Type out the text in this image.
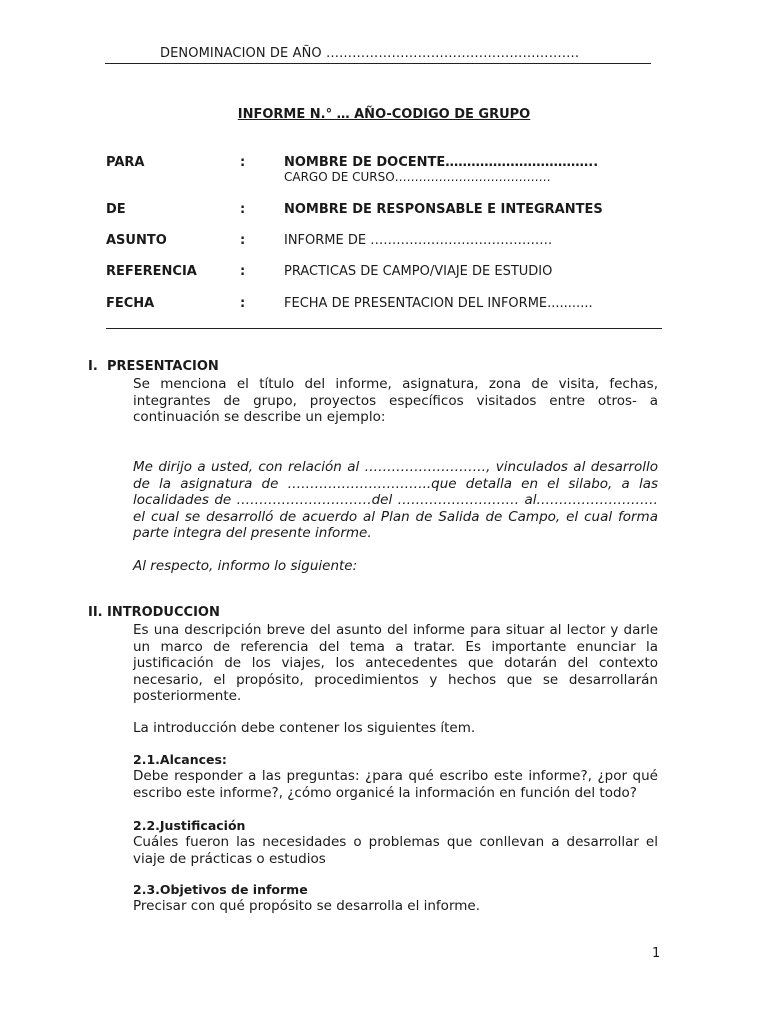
DENOMINACION DE AÑO ………………………………………………….
INFORME N.° … AÑO-CODIGO DE GRUPO
PARA	:	NOMBRE DE DOCENTE……………………………..
CARGO DE CURSO…………………………………
DE	:	NOMBRE DE RESPONSABLE E INTEGRANTES
ASUNTO	:	INFORME DE ……………………………………
REFERENCIA	:	PRACTICAS DE CAMPO/VIAJE DE ESTUDIO
FECHA	:	FECHA DE PRESENTACION DEL INFORME...........
I. PRESENTACION
Se menciona el título del informe, asignatura, zona de visita, fechas, integrantes de grupo, proyectos específicos visitados entre otros- a continuación se describe un ejemplo:
Me dirijo a usted, con relación al ………………………, vinculados al desarrollo de la asignatura de …………………………..que detalla en el silabo, a las localidades de …………………………del ……………………… al………………………el cual se desarrolló de acuerdo al Plan de Salida de Campo, el cual forma parte integra del presente informe.
Al respecto, informo lo siguiente:
II. INTRODUCCION
Es una descripción breve del asunto del informe para situar al lector y darle un marco de referencia del tema a tratar. Es importante enunciar la justificación de los viajes, los antecedentes que dotarán del contexto necesario, el propósito, procedimientos y hechos que se desarrollarán posteriormente.
La introducción debe contener los siguientes ítem.
2.1.Alcances:
Debe responder a las preguntas: ¿para qué escribo este informe?, ¿por qué escribo este informe?, ¿cómo organicé la información en función del todo?
2.2.Justificación
Cuáles fueron las necesidades o problemas que conllevan a desarrollar el viaje de prácticas o estudios
2.3.Objetivos de informe
Precisar con qué propósito se desarrolla el informe.
1
